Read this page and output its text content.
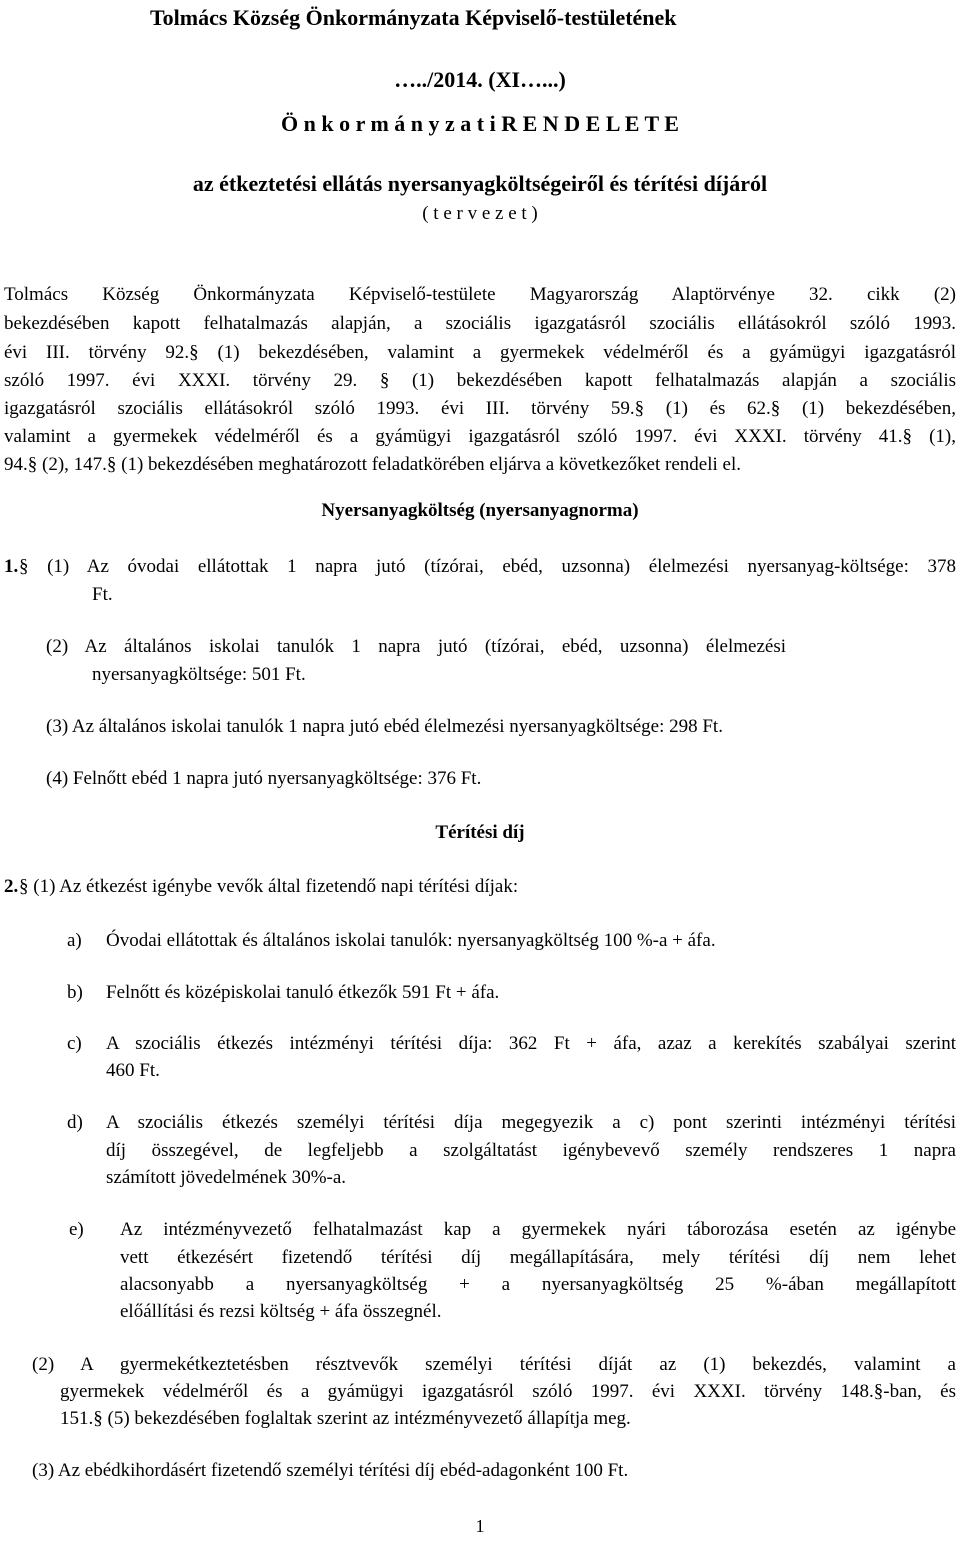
Tolmács Község Önkormányzata Képviselő-testületének
…../2014. (XI…...)
Ö n k o r m á n y z a t i R E N D E L E T E
az étkeztetési ellátás nyersanyagköltségeiről és térítési díjáról
( t e r v e z e t )
Tolmács Község Önkormányzata Képviselő-testülete Magyarország Alaptörvénye 32. cikk (2)
bekezdésében kapott felhatalmazás alapján, a szociális igazgatásról szociális ellátásokról szóló 1993.
évi III. törvény 92.§ (1) bekezdésében, valamint a gyermekek védelméről és a gyámügyi igazgatásról
szóló 1997. évi XXXI. törvény 29. § (1) bekezdésében kapott felhatalmazás alapján a szociális
igazgatásról szociális ellátásokról szóló 1993. évi III. törvény 59.§ (1) és 62.§ (1) bekezdésében,
valamint a gyermekek védelméről és a gyámügyi igazgatásról szóló 1997. évi XXXI. törvény 41.§ (1),
94.§ (2), 147.§ (1) bekezdésében meghatározott feladatkörében eljárva a következőket rendeli el.
Nyersanyagköltség (nyersanyagnorma)
1. § (1) Az óvodai ellátottak 1 napra jutó (tízórai, ebéd, uzsonna) élelmezési nyersanyag-költsége: 378
Ft.
(2) Az általános iskolai tanulók 1 napra jutó (tízórai, ebéd, uzsonna) élelmezési
nyersanyagköltsége: 501 Ft.
(3) Az általános iskolai tanulók 1 napra jutó ebéd élelmezési nyersanyagköltsége: 298 Ft.
(4) Felnőtt ebéd 1 napra jutó nyersanyagköltsége: 376 Ft.
Térítési díj
2. § (1) Az étkezést igénybe vevők által fizetendő napi térítési díjak:
a) Óvodai ellátottak és általános iskolai tanulók: nyersanyagköltség 100 %-a + áfa.
b) Felnőtt és középiskolai tanuló étkezők 591 Ft + áfa.
c) A szociális étkezés intézményi térítési díja: 362 Ft + áfa, azaz a kerekítés szabályai szerint
460 Ft.
d) A szociális étkezés személyi térítési díja megegyezik a c) pont szerinti intézményi térítési
díj összegével, de legfeljebb a szolgáltatást igénybevevő személy rendszeres 1 napra
számított jövedelmének 30%-a.
e) Az intézményvezető felhatalmazást kap a gyermekek nyári táborozása esetén az igénybe
vett étkezésért fizetendő térítési díj megállapítására, mely térítési díj nem lehet
alacsonyabb a nyersanyagköltség + a nyersanyagköltség 25 %-ában megállapított
előállítási és rezsi költség + áfa összegnél.
(2) A gyermekétkeztetésben résztvevők személyi térítési díját az (1) bekezdés, valamint a
gyermekek védelméről és a gyámügyi igazgatásról szóló 1997. évi XXXI. törvény 148.§-ban, és
151.§ (5) bekezdésében foglaltak szerint az intézményvezető állapítja meg.
(3) Az ebédkihordásért fizetendő személyi térítési díj ebéd-adagonként 100 Ft.
1
